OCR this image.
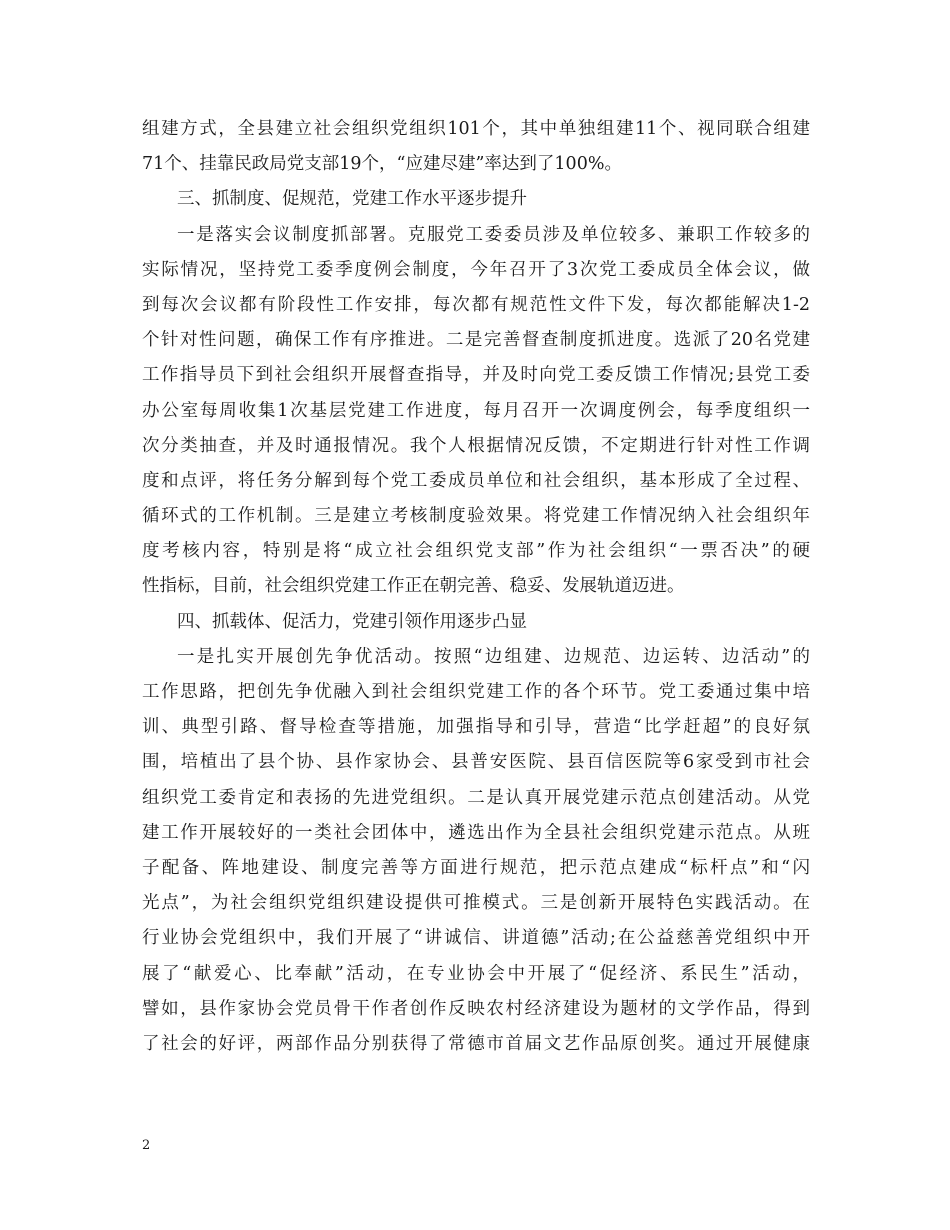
组建方式，全县建立社会组织党组织101个，其中单独组建11个、视同联合组建
71个、挂靠民政局党支部19个，“应建尽建”率达到了100%。
三、抓制度、促规范，党建工作水平逐步提升
一是落实会议制度抓部署。克服党工委委员涉及单位较多、兼职工作较多的
实际情况，坚持党工委季度例会制度，今年召开了3次党工委成员全体会议，做
到每次会议都有阶段性工作安排，每次都有规范性文件下发，每次都能解决1-2
个针对性问题，确保工作有序推进。二是完善督查制度抓进度。选派了20名党建
工作指导员下到社会组织开展督查指导，并及时向党工委反馈工作情况;县党工委
办公室每周收集1次基层党建工作进度，每月召开一次调度例会，每季度组织一
次分类抽查，并及时通报情况。我个人根据情况反馈，不定期进行针对性工作调
度和点评，将任务分解到每个党工委成员单位和社会组织，基本形成了全过程、
循环式的工作机制。三是建立考核制度验效果。将党建工作情况纳入社会组织年
度考核内容，特别是将“成立社会组织党支部”作为社会组织“一票否决”的硬
性指标，目前，社会组织党建工作正在朝完善、稳妥、发展轨道迈进。
四、抓载体、促活力，党建引领作用逐步凸显
一是扎实开展创先争优活动。按照“边组建、边规范、边运转、边活动”的
工作思路，把创先争优融入到社会组织党建工作的各个环节。党工委通过集中培
训、典型引路、督导检查等措施，加强指导和引导，营造“比学赶超”的良好氛
围，培植出了县个协、县作家协会、县普安医院、县百信医院等6家受到市社会
组织党工委肯定和表扬的先进党组织。二是认真开展党建示范点创建活动。从党
建工作开展较好的一类社会团体中，遴选出作为全县社会组织党建示范点。从班
子配备、阵地建设、制度完善等方面进行规范，把示范点建成“标杆点”和“闪
光点”，为社会组织党组织建设提供可推模式。三是创新开展特色实践活动。在
行业协会党组织中，我们开展了“讲诚信、讲道德”活动;在公益慈善党组织中开
展了“献爱心、比奉献”活动，在专业协会中开展了“促经济、系民生”活动，
譬如，县作家协会党员骨干作者创作反映农村经济建设为题材的文学作品，得到
了社会的好评，两部作品分别获得了常德市首届文艺作品原创奖。通过开展健康
2
